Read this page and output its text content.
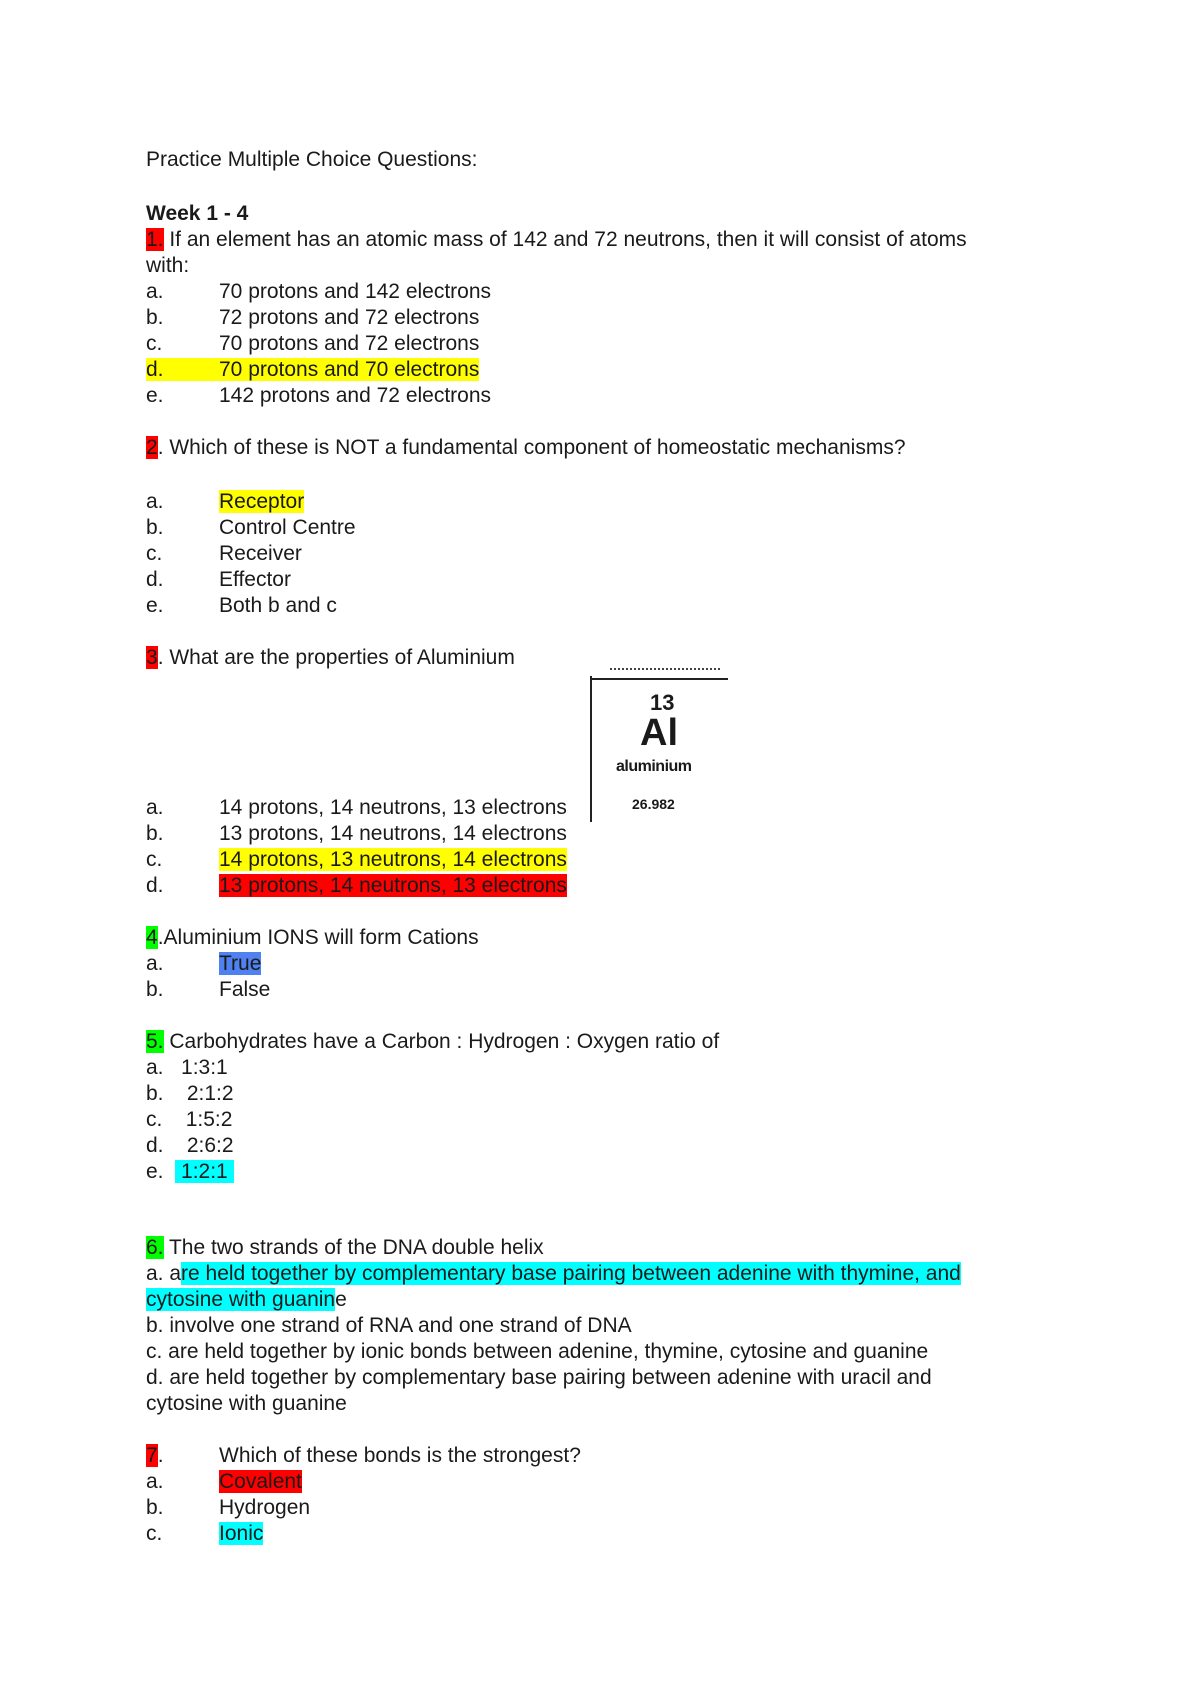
Practice Multiple Choice Questions:
Week 1 - 4
1. If an element has an atomic mass of 142 and 72 neutrons, then it will consist of atoms
with:
a.	70 protons and 142 electrons
b.	72 protons and 72 electrons
c.	70 protons and 72 electrons
d.	70 protons and 70 electrons
e.	142 protons and 72 electrons
2. Which of these is NOT a fundamental component of homeostatic mechanisms?
a.	Receptor
b.	Control Centre
c.	Receiver
d.	Effector
e.	Both b and c
3. What are the properties of Aluminium
13
Al
aluminium
26.982
a.	14 protons, 14 neutrons, 13 electrons
b.	13 protons, 14 neutrons, 14 electrons
c.	14 protons, 13 neutrons, 14 electrons
d.	13 protons, 14 neutrons, 13 electrons
4.Aluminium IONS will form Cations
a.	True
b.	False
5. Carbohydrates have a Carbon : Hydrogen : Oxygen ratio of
a. 1:3:1
b. 2:1:2
c. 1:5:2
d. 2:6:2
e. 1:2:1
6. The two strands of the DNA double helix
a. are held together by complementary base pairing between adenine with thymine, and
cytosine with guanine
b. involve one strand of RNA and one strand of DNA
c. are held together by ionic bonds between adenine, thymine, cytosine and guanine
d. are held together by complementary base pairing between adenine with uracil and
cytosine with guanine
7.	Which of these bonds is the strongest?
a.	Covalent
b.	Hydrogen
c.	Ionic
